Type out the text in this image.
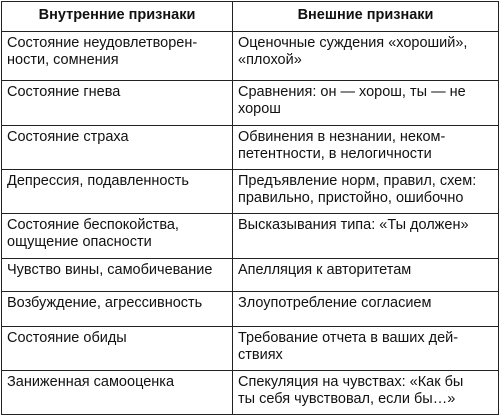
Внутренние признаки	Внешние признаки

Состояние неудовлетворен-
ности, сомнения	Оценочные суждения «хороший»,
«плохой»

Состояние гнева	Сравнения: он — хорош, ты — не
хорош

Состояние страха	Обвинения в незнании, неком-
петентности, в нелогичности

Депрессия, подавленность	Предъявление норм, правил, схем:
правильно, пристойно, ошибочно

Состояние беспокойства,
ощущение опасности	Высказывания типа: «Ты должен»

Чувство вины, самобичевание	Апелляция к авторитетам

Возбуждение, агрессивность	Злоупотребление согласием

Состояние обиды	Требование отчета в ваших дей-
ствиях

Заниженная самооценка	Спекуляция на чувствах: «Как бы
ты себя чувствовал, если бы…»
